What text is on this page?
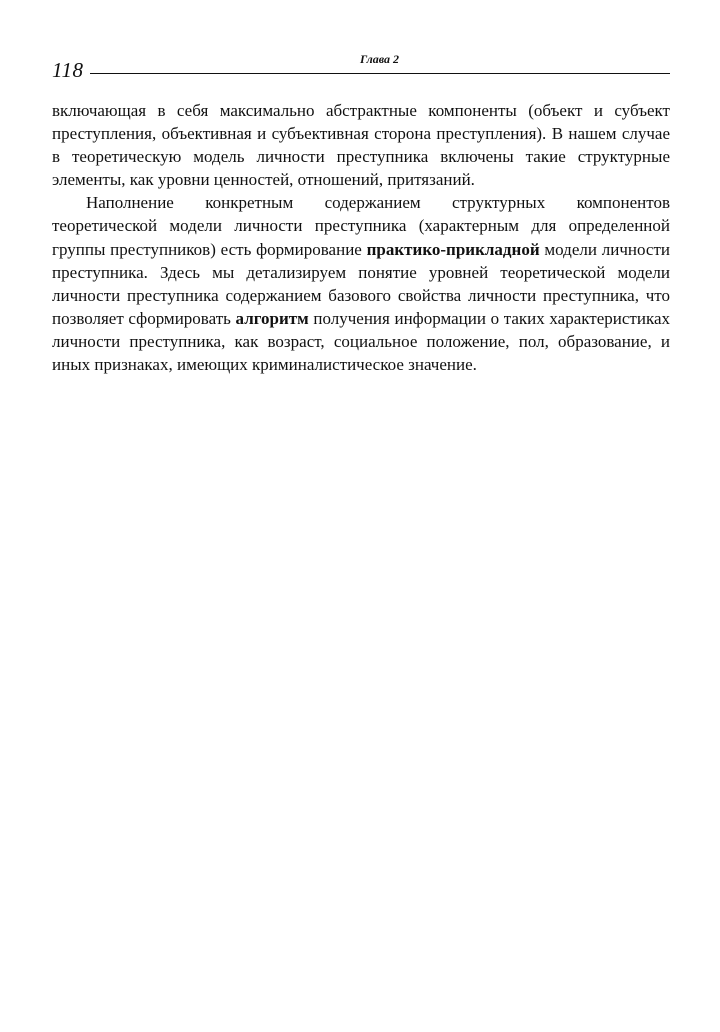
118	Глава 2

включающая в себя максимально абстрактные компоненты (объект и субъект преступления, объективная и субъективная сторона преступления). В нашем случае в теоретическую модель личности преступника включены такие структурные элементы, как уровни ценностей, отношений, притязаний.

Наполнение конкретным содержанием структурных компонентов теоретической модели личности преступника (характерным для определенной группы преступников) есть формирование практико-прикладной модели личности преступника. Здесь мы детализируем понятие уровней теоретической модели личности преступника содержанием базового свойства личности преступника, что позволяет сформировать алгоритм получения информации о таких характеристиках личности преступника, как возраст, социальное положение, пол, образование, и иных признаках, имеющих криминалистическое значение.
